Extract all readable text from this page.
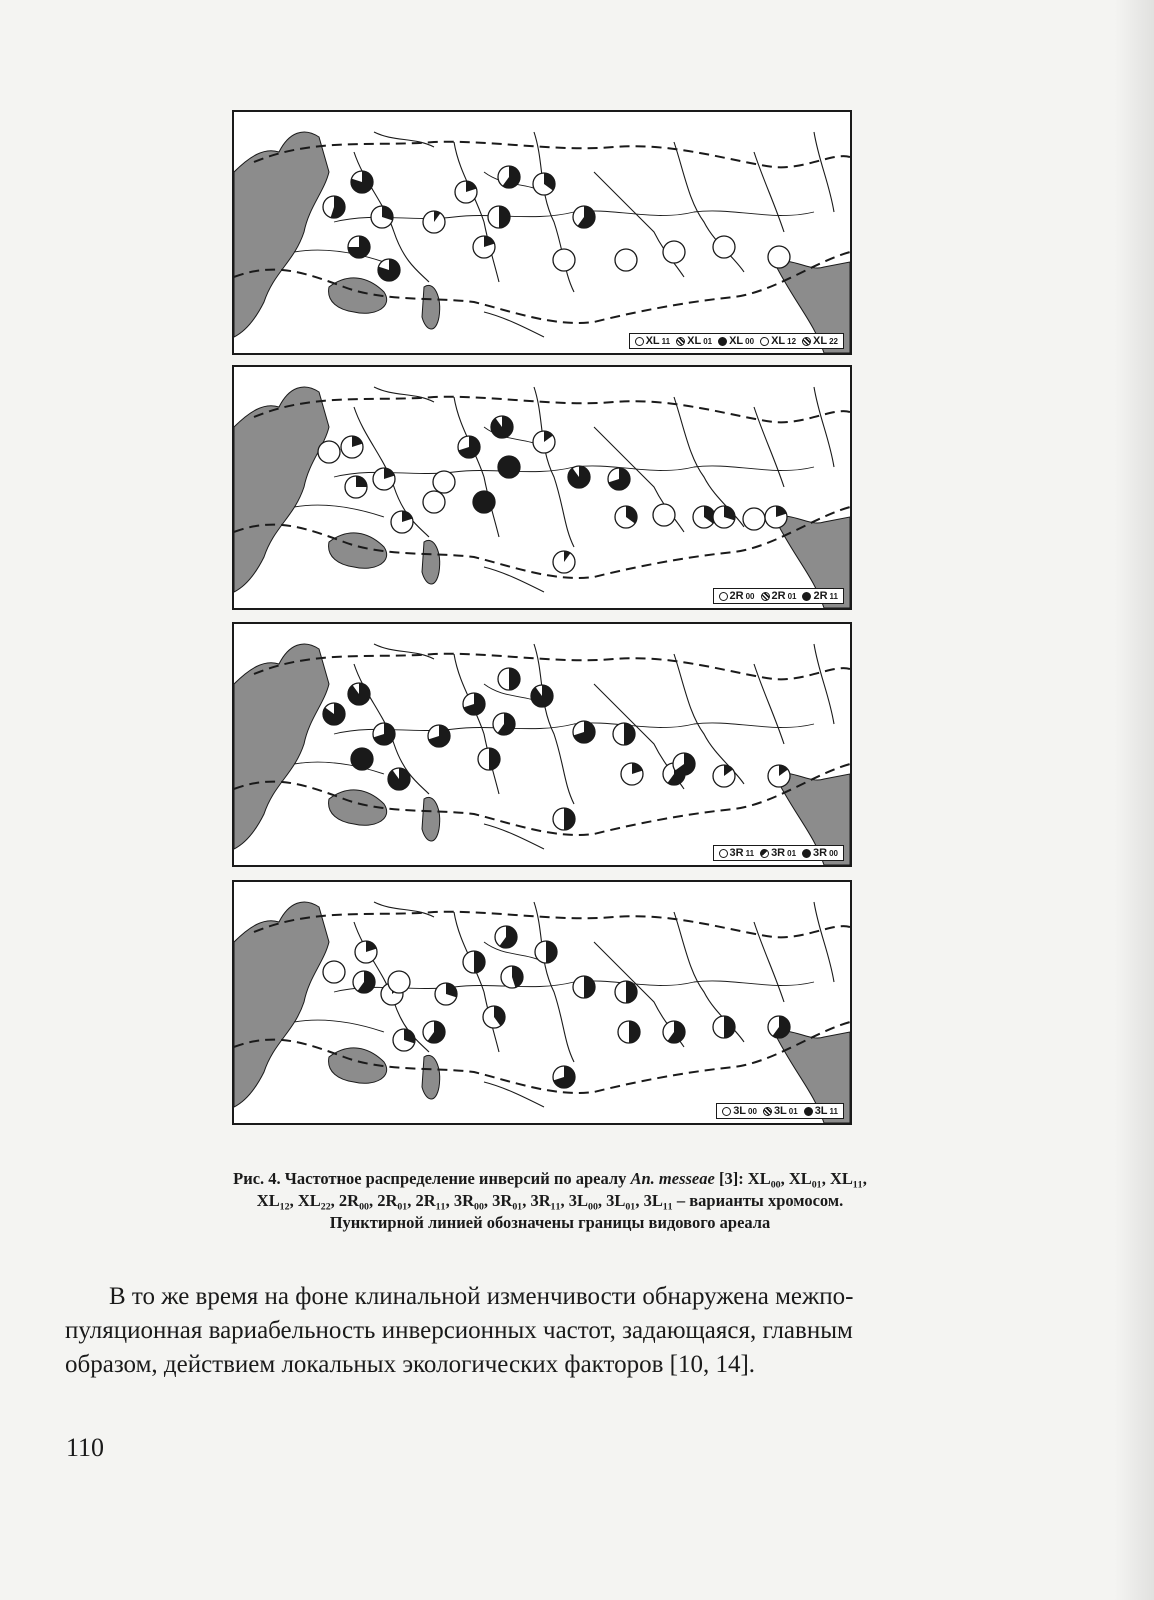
XL 11 XL 01 XL 00 XL 12 XL 22
2R 00 2R 01 2R 11
3R 11 3R 01 3R 00
3L 00 3L 01 3L 11
Рис. 4. Частотное распределение инверсий по ареалу An. messeae [3]: XL₀₀, XL₀₁, XL₁₁,
XL₁₂, XL₂₂, 2R₀₀, 2R₀₁, 2R₁₁, 3R₀₀, 3R₀₁, 3R₁₁, 3L₀₀, 3L₀₁, 3L₁₁ – варианты хромосом.
Пунктирной линией обозначены границы видового ареала
В то же время на фоне клинальной изменчивости обнаружена межпо-
пуляционная вариабельность инверсионных частот, задающаяся, главным
образом, действием локальных экологических факторов [10, 14].
110
